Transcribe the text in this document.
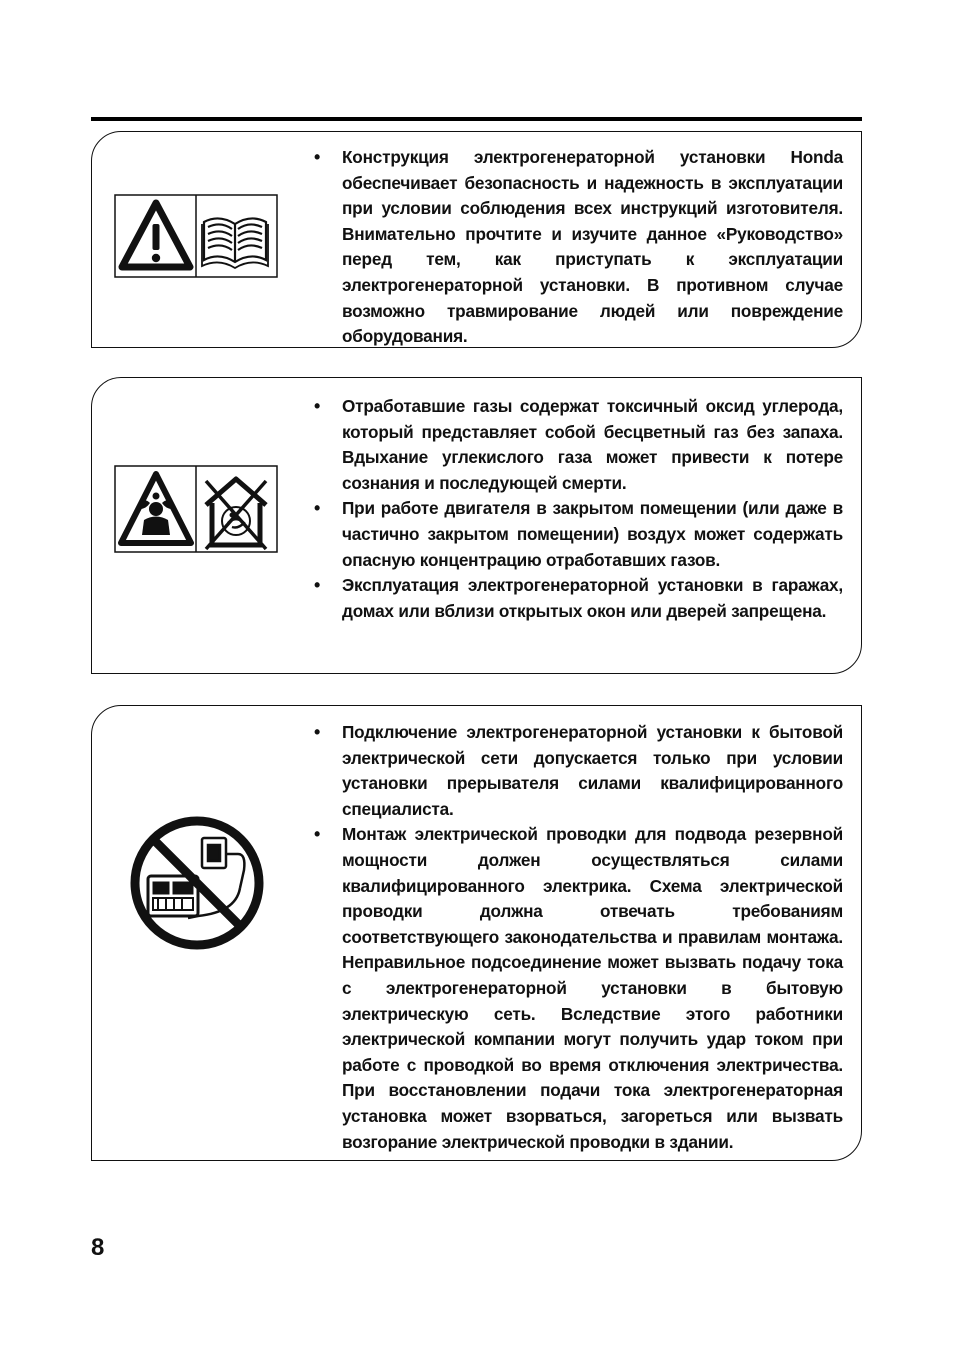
• Конструкция электрогенераторной установки Honda обеспечивает безопасность и надежность в эксплуатации при условии соблюдения всех инструкций изготовителя. Внимательно прочтите и изучите данное «Руководство» перед тем, как приступать к эксплуатации электрогенераторной установки. В противном случае возможно травмирование людей или повреждение оборудования.
• Отработавшие газы содержат токсичный оксид углерода, который представляет собой бесцветный газ без запаха. Вдыхание углекислого газа может привести к потере сознания и последующей смерти.
• При работе двигателя в закрытом помещении (или даже в частично закрытом помещении) воздух может содержать опасную концентрацию отработавших газов.
• Эксплуатация электрогенераторной установки в гаражах, домах или вблизи открытых окон или дверей запрещена.
• Подключение электрогенераторной установки к бытовой электрической сети допускается только при условии установки прерывателя силами квалифицированного специалиста.
• Монтаж электрической проводки для подвода резервной мощности должен осуществляться силами квалифицированного электрика. Схема электрической проводки должна отвечать требованиям соответствующего законодательства и правилам монтажа. Неправильное подсоединение может вызвать подачу тока с электрогенераторной установки в бытовую электрическую сеть. Вследствие этого работники электрической компании могут получить удар током при работе с проводкой во время отключения электричества. При восстановлении подачи тока электрогенераторная установка может взорваться, загореться или вызвать возгорание электрической проводки в здании.
8
